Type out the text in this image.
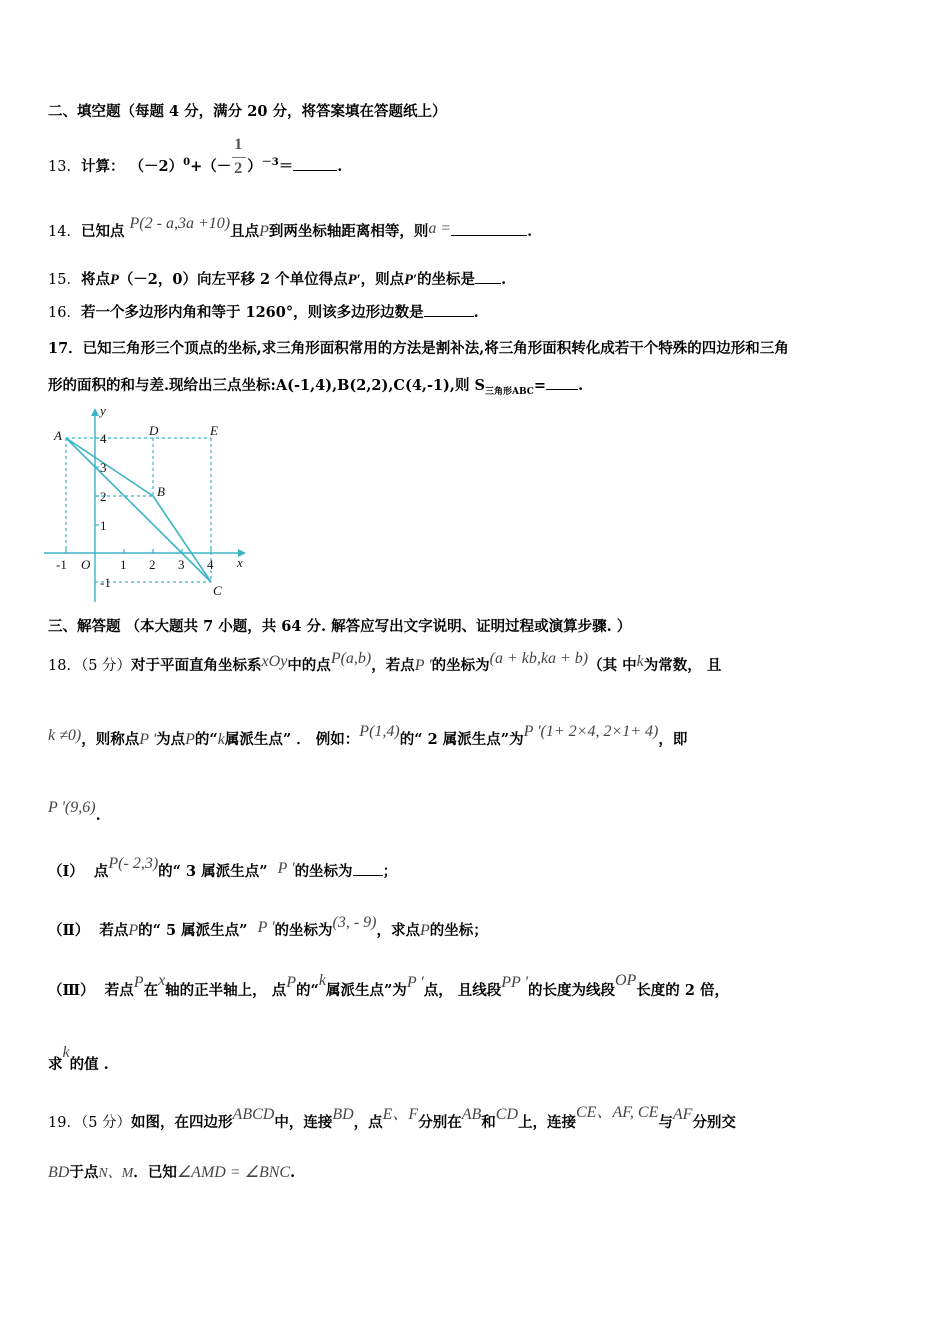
二、填空题（每题 4 分，满分 20 分，将答案填在答题纸上）
13．计算： $(-2)^0+(- \frac{1}{2} )^{-3}=$	.
14．已知点 P(2 - a,3a +10)且点P到两坐标轴距离相等，则a =	.
15．将点P（－2，0）向左平移 2 个单位得点P′，则点P′的坐标是 .
16．若一个多边形内角和等于 1260°，则该多边形边数是	.
17．已知三角形三个顶点的坐标,求三角形面积常用的方法是割补法,将三角形面积转化成若干个特殊的四边形和三角
形的面积的和与差.现给出三点坐标:A(-1,4),B(2,2),C(4,-1),则 $S_{三角形ABC}=$ .
y
x
O
-1	1 2 3 4
4
3
2
1
-1
A
B
C
D	E
三、解答题 （本大题共 7 小题，共 64 分. 解答应写出文字说明、证明过程或演算步骤. ）
18．（5 分）对于平面直角坐标系xOy中的点P(a,b)，若点P '的坐标为(a + kb,ka + b)（其 中k为常数， 且
k ≠0)，则称点P '为点P的“k属派生点” ． 例如：P(1,4)的“ 2 属派生点”为P '(1+ 2×4, 2×1+ 4)，即
P '(9,6).
（Ⅰ） 点P(- 2,3)的“ 3 属派生点” P '的坐标为 ；
（Ⅱ） 若点P的“ 5 属派生点” P '的坐标为(3, - 9)，求点P的坐标；
（Ⅲ） 若点P在x轴的正半轴上， 点P的“k属派生点”为P '点， 且线段PP '的长度为线段OP长度的 2 倍，
求k的值 .
19．（5 分）如图，在四边形ABCD中，连接BD，点E、F分别在AB和CD上，连接CE、AF, CE与AF分别交
BD于点N、M．已知∠AMD = ∠BNC.
